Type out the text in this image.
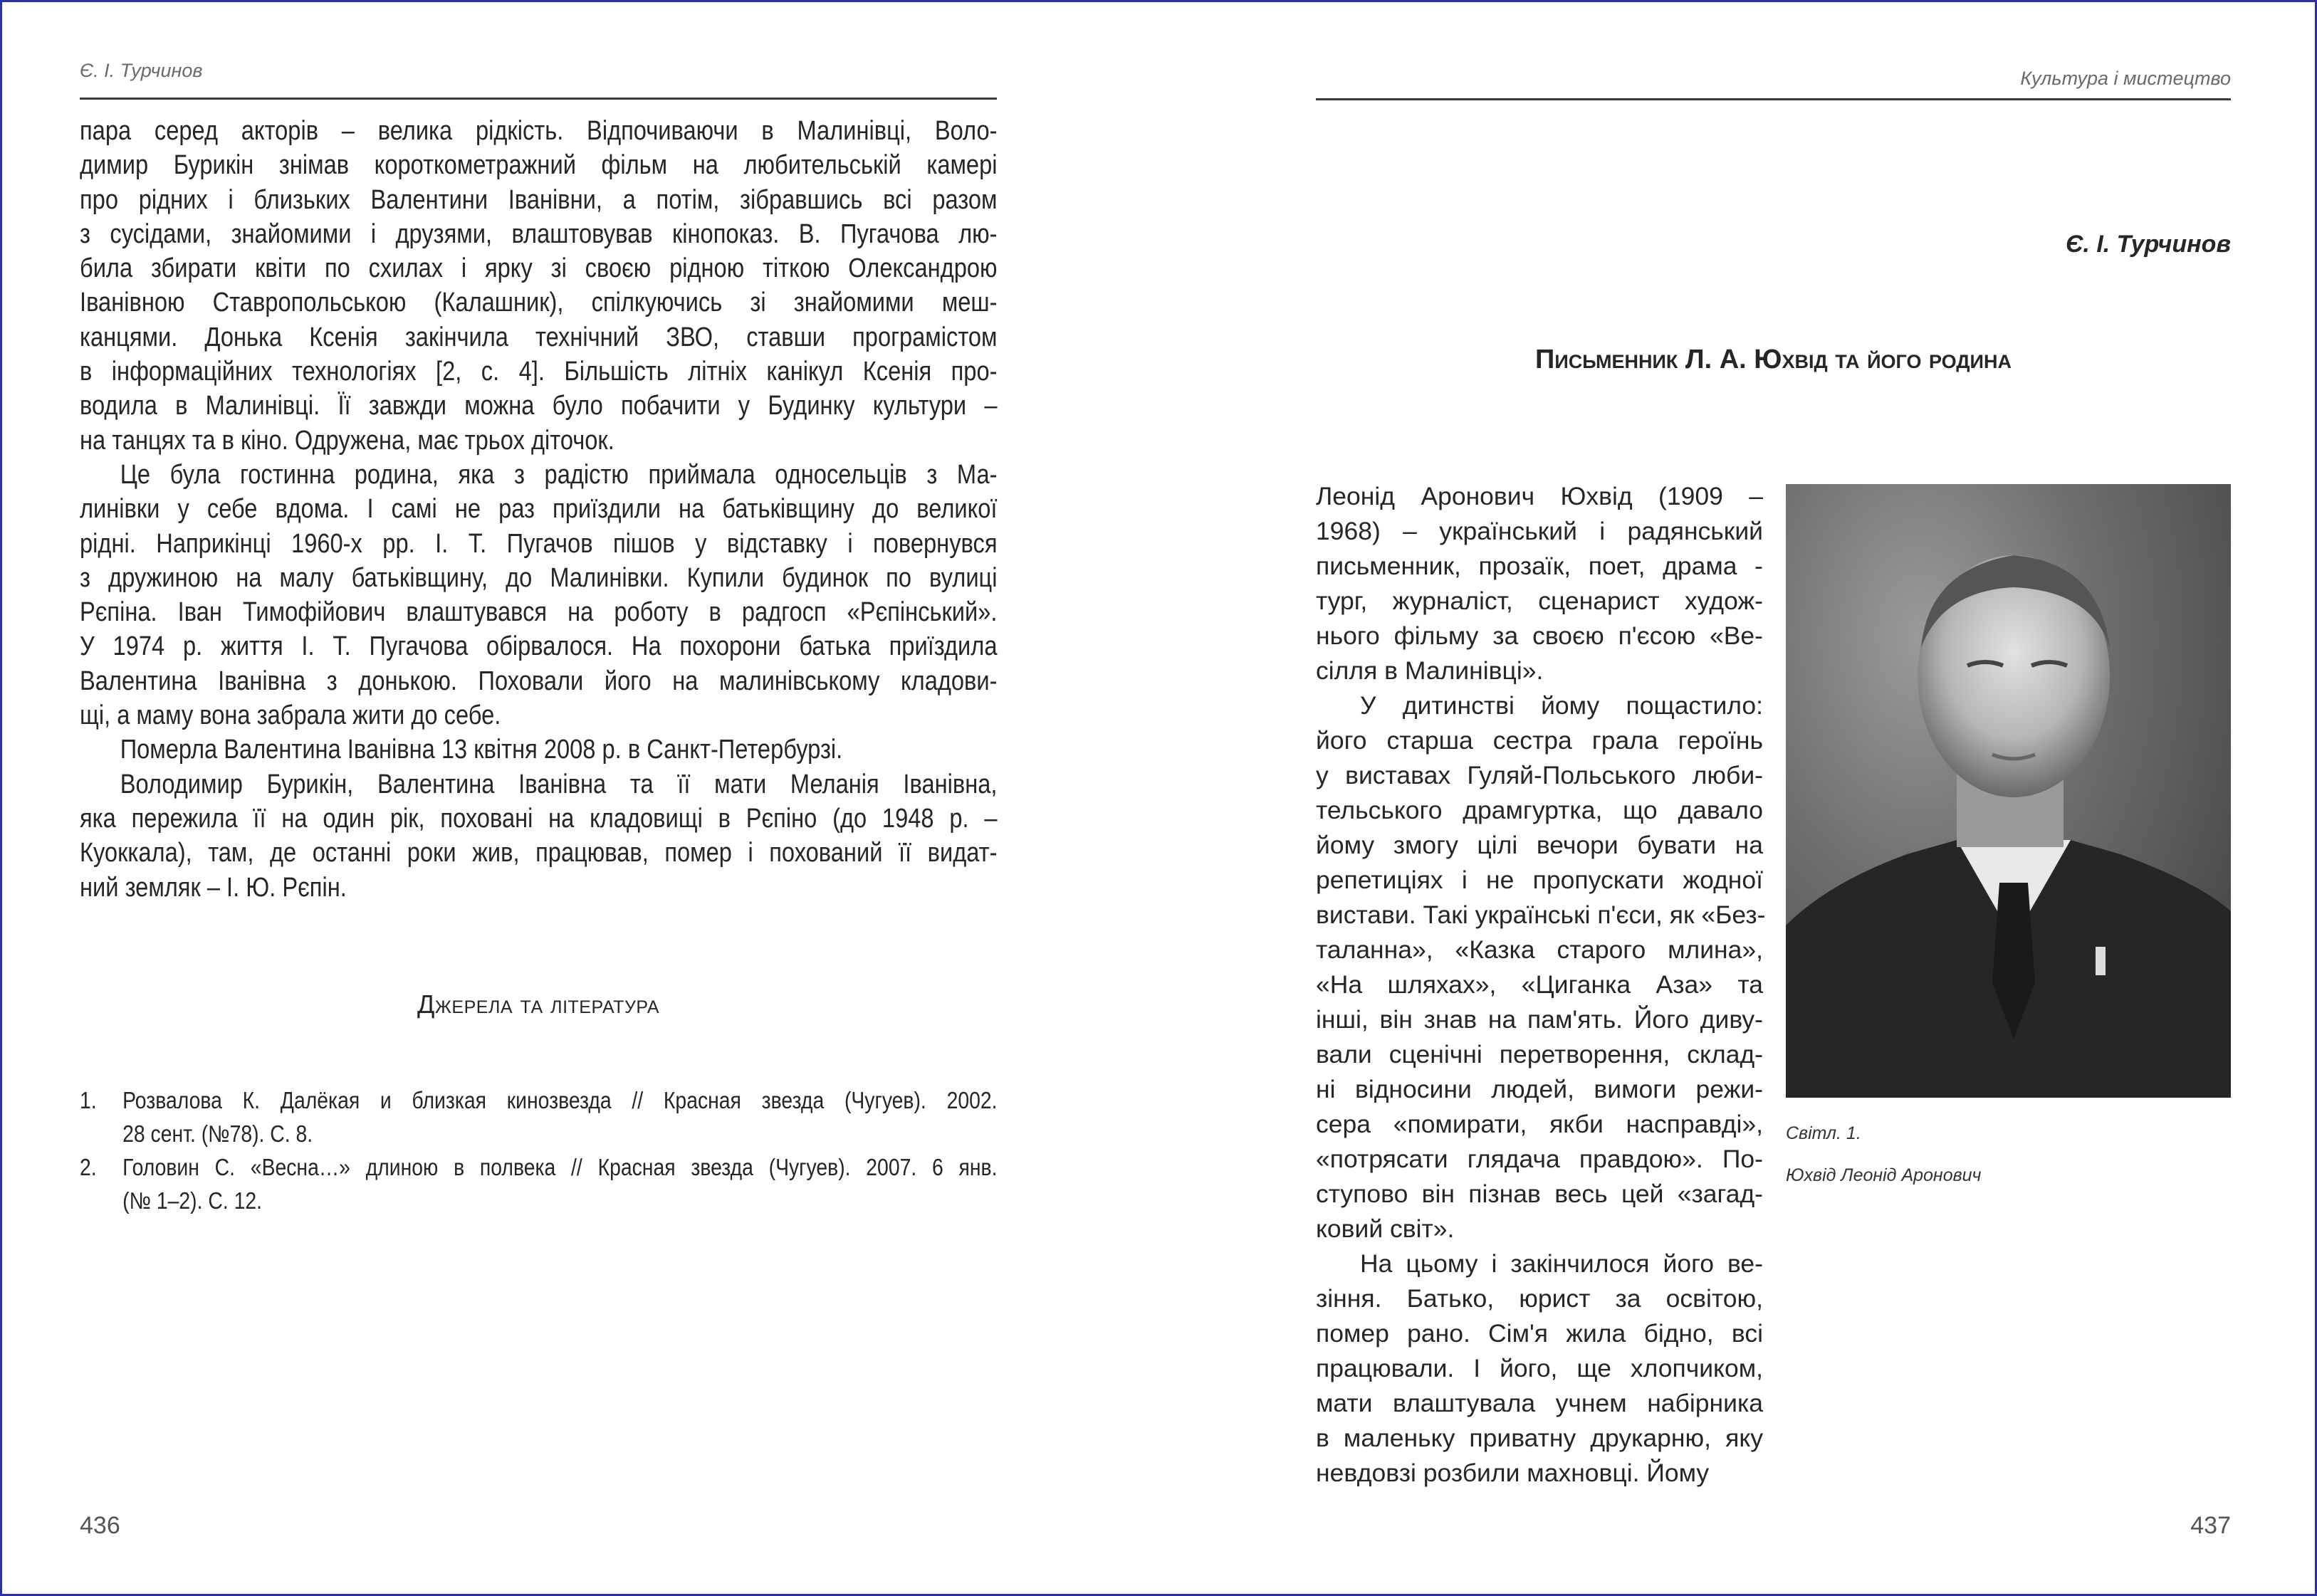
Є. І. Турчинов
пара серед акторів – велика рідкість. Відпочиваючи в Малинівці, Воло-
димир Бурикін знімав короткометражний фільм на любительській камері
про рідних і близьких Валентини Іванівни, а потім, зібравшись всі разом
з сусідами, знайомими і друзями, влаштовував кінопоказ. В. Пугачова лю-
била збирати квіти по схилах і ярку зі своєю рідною тіткою Олександрою
Іванівною Ставропольською (Калашник), спілкуючись зі знайомими меш-
канцями. Донька Ксенія закінчила технічний ЗВО, ставши програмістом
в інформаційних технологіях [2, с. 4]. Більшість літніх канікул Ксенія про-
водила в Малинівці. Її завжди можна було побачити у Будинку культури –
на танцях та в кіно. Одружена, має трьох діточок.
Це була гостинна родина, яка з радістю приймала односельців з Ма-
линівки у себе вдома. І самі не раз приїздили на батьківщину до великої
рідні. Наприкінці 1960-х рр. І. Т. Пугачов пішов у відставку і повернувся
з дружиною на малу батьківщину, до Малинівки. Купили будинок по вулиці
Рєпіна. Іван Тимофійович влаштувався на роботу в радгосп «Рєпінський».
У 1974 р. життя І. Т. Пугачова обірвалося. На похорони батька приїздила
Валентина Іванівна з донькою. Поховали його на малинівському кладови-
щі, а маму вона забрала жити до себе.
Померла Валентина Іванівна 13 квітня 2008 р. в Санкт-Петербурзі.
Володимир Бурикін, Валентина Іванівна та її мати Меланія Іванівна,
яка пережила її на один рік, поховані на кладовищі в Рєпіно (до 1948 р. –
Куоккала), там, де останні роки жив, працював, помер і похований її видат-
ний земляк – І. Ю. Рєпін.
Джерела та література
1.	Розвалова К. Далёкая и близкая кинозвезда // Красная звезда (Чугуев). 2002.
28 сент. (№78). С. 8.
2.	Головин С. «Весна…» длиною в полвека // Красная звезда (Чугуев). 2007. 6 янв.
(№ 1–2). С. 12.
436
Культура і мистецтво
Є. І. Турчинов
Письменник Л. А. Юхвід та його родина
Леонід Аронович Юхвід (1909 –
1968) – український і радянський
письменник, прозаїк, поет, драма -
тург, журналіст, сценарист худож-
нього фільму за своєю п'єсою «Ве-
сілля в Малинівці».
У дитинстві йому пощастило:
його старша сестра грала героїнь
у виставах Гуляй-Польського люби-
тельського драмгуртка, що давало
йому змогу цілі вечори бувати на
репетиціях і не пропускати жодної
вистави. Такі українські п'єси, як «Без-
таланна», «Казка старого млина»,
«На шляхах», «Циганка Аза» та
інші, він знав на пам'ять. Його диву-
вали сценічні перетворення, склад-
ні відносини людей, вимоги режи-
сера «помирати, якби насправді»,
«потрясати глядача правдою». По-
ступово він пізнав весь цей «загад-
ковий світ».
На цьому і закінчилося його ве-
зіння. Батько, юрист за освітою,
помер рано. Сім'я жила бідно, всі
працювали. І його, ще хлопчиком,
мати влаштувала учнем набірника
в маленьку приватну друкарню, яку
невдовзі розбили махновці. Йому
Світл. 1.
Юхвід Леонід Аронович
437
